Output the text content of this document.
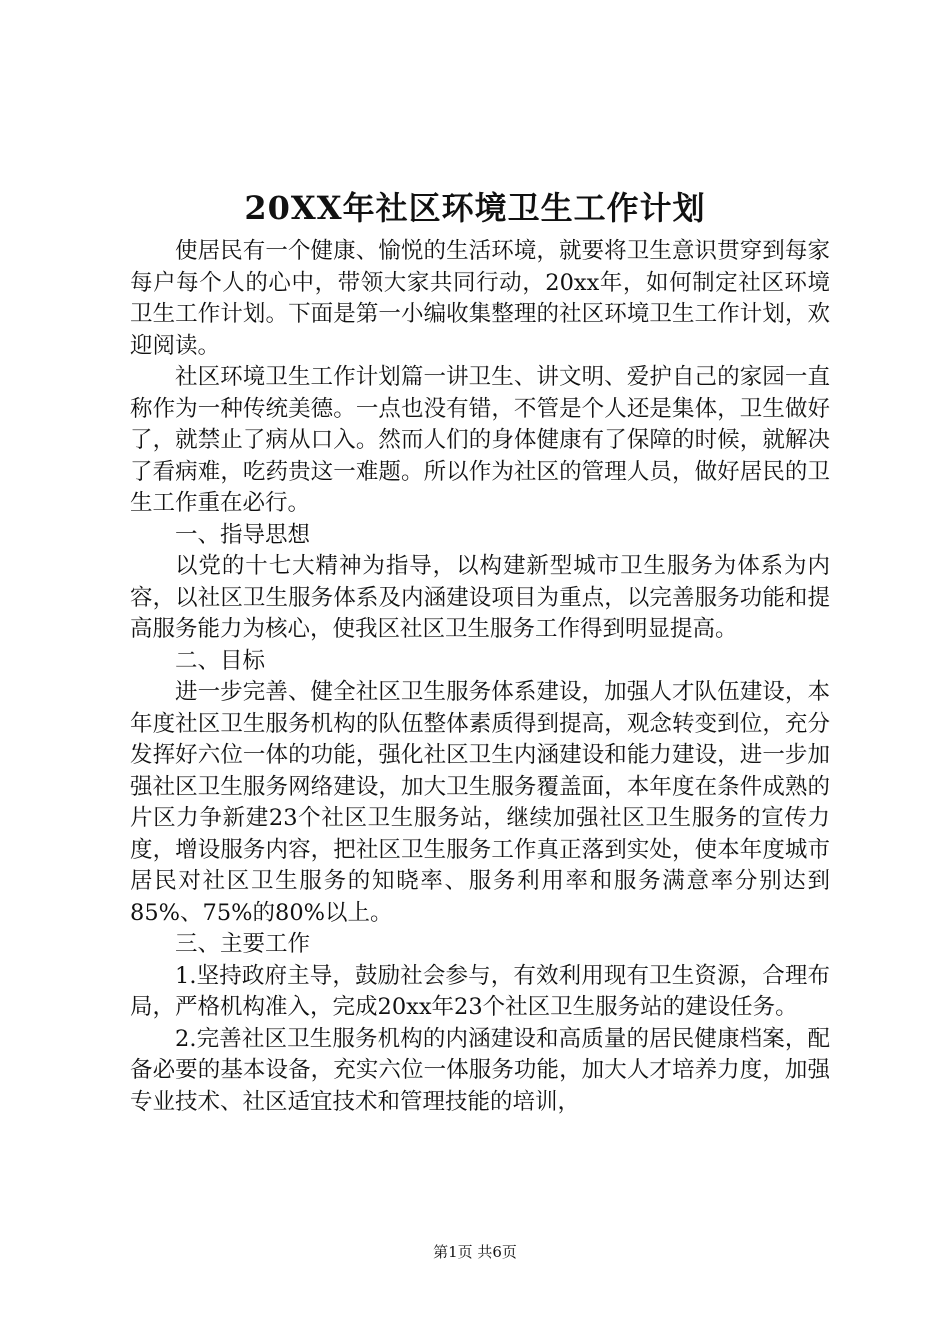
20XX年社区环境卫生工作计划

使居民有一个健康、愉悦的生活环境，就要将卫生意识贯穿到每家每户每个人的心中，带领大家共同行动，20xx年，如何制定社区环境卫生工作计划。下面是第一小编收集整理的社区环境卫生工作计划，欢迎阅读。

社区环境卫生工作计划篇一讲卫生、讲文明、爱护自己的家园一直称作为一种传统美德。一点也没有错，不管是个人还是集体，卫生做好了，就禁止了病从口入。然而人们的身体健康有了保障的时候，就解决了看病难，吃药贵这一难题。所以作为社区的管理人员，做好居民的卫生工作重在必行。

一、指导思想

以党的十七大精神为指导，以构建新型城市卫生服务为体系为内容，以社区卫生服务体系及内涵建设项目为重点，以完善服务功能和提高服务能力为核心，使我区社区卫生服务工作得到明显提高。

二、目标

进一步完善、健全社区卫生服务体系建设，加强人才队伍建设，本年度社区卫生服务机构的队伍整体素质得到提高，观念转变到位，充分发挥好六位一体的功能，强化社区卫生内涵建设和能力建设，进一步加强社区卫生服务网络建设，加大卫生服务覆盖面，本年度在条件成熟的片区力争新建23个社区卫生服务站，继续加强社区卫生服务的宣传力度，增设服务内容，把社区卫生服务工作真正落到实处，使本年度城市居民对社区卫生服务的知晓率、服务利用率和服务满意率分别达到85%、75%的80%以上。

三、主要工作

1.坚持政府主导，鼓励社会参与，有效利用现有卫生资源，合理布局，严格机构准入，完成20xx年23个社区卫生服务站的建设任务。

2.完善社区卫生服务机构的内涵建设和高质量的居民健康档案，配备必要的基本设备，充实六位一体服务功能，加大人才培养力度，加强专业技术、社区适宜技术和管理技能的培训，

第1页 共6页
